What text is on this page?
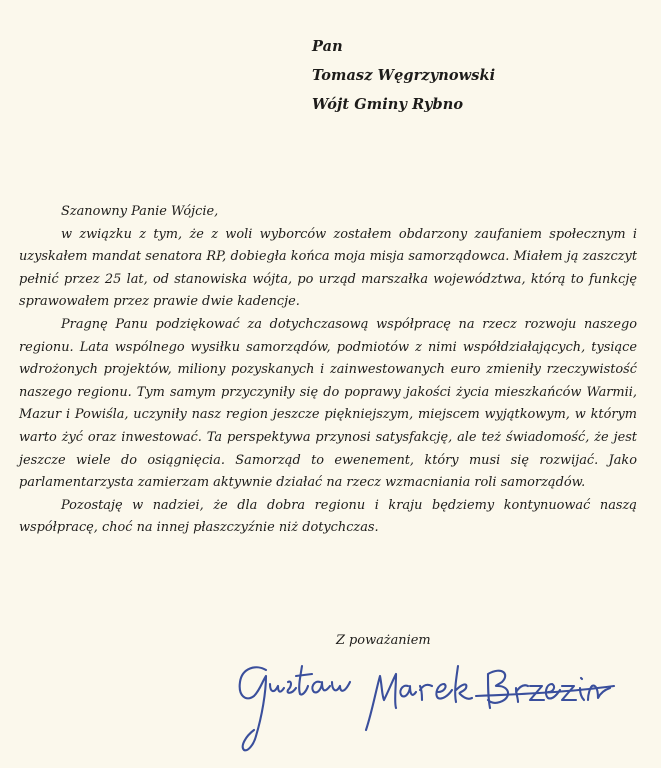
Pan
Tomasz Węgrzynowski
Wójt Gminy Rybno
Szanowny Panie Wójcie,

w związku z tym, że z woli wyborców zostałem obdarzony zaufaniem społecznym i uzyskałem mandat senatora RP, dobiegła końca moja misja samorządowca. Miałem ją zaszczyt pełnić przez 25 lat, od stanowiska wójta, po urząd marszałka województwa, którą to funkcję sprawowałem przez prawie dwie kadencje.

Pragnę Panu podziękować za dotychczasową współpracę na rzecz rozwoju naszego regionu. Lata wspólnego wysiłku samorządów, podmiotów z nimi współdziałających, tysiące wdrożonych projektów, miliony pozyskanych i zainwestowanych euro zmieniły rzeczywistość naszego regionu. Tym samym przyczyniły się do poprawy jakości życia mieszkańców Warmii, Mazur i Powiśla, uczyniły nasz region jeszcze piękniejszym, miejscem wyjątkowym, w którym warto żyć oraz inwestować. Ta perspektywa przynosi satysfakcję, ale też świadomość, że jest jeszcze wiele do osiągnięcia. Samorząd to ewenement, który musi się rozwijać. Jako parlamentarzysta zamierzam aktywnie działać na rzecz wzmacniania roli samorządów.

Pozostaję w nadziei, że dla dobra regionu i kraju będziemy kontynuować naszą współpracę, choć na innej płaszczyźnie niż dotychczas.

Z poważaniem
